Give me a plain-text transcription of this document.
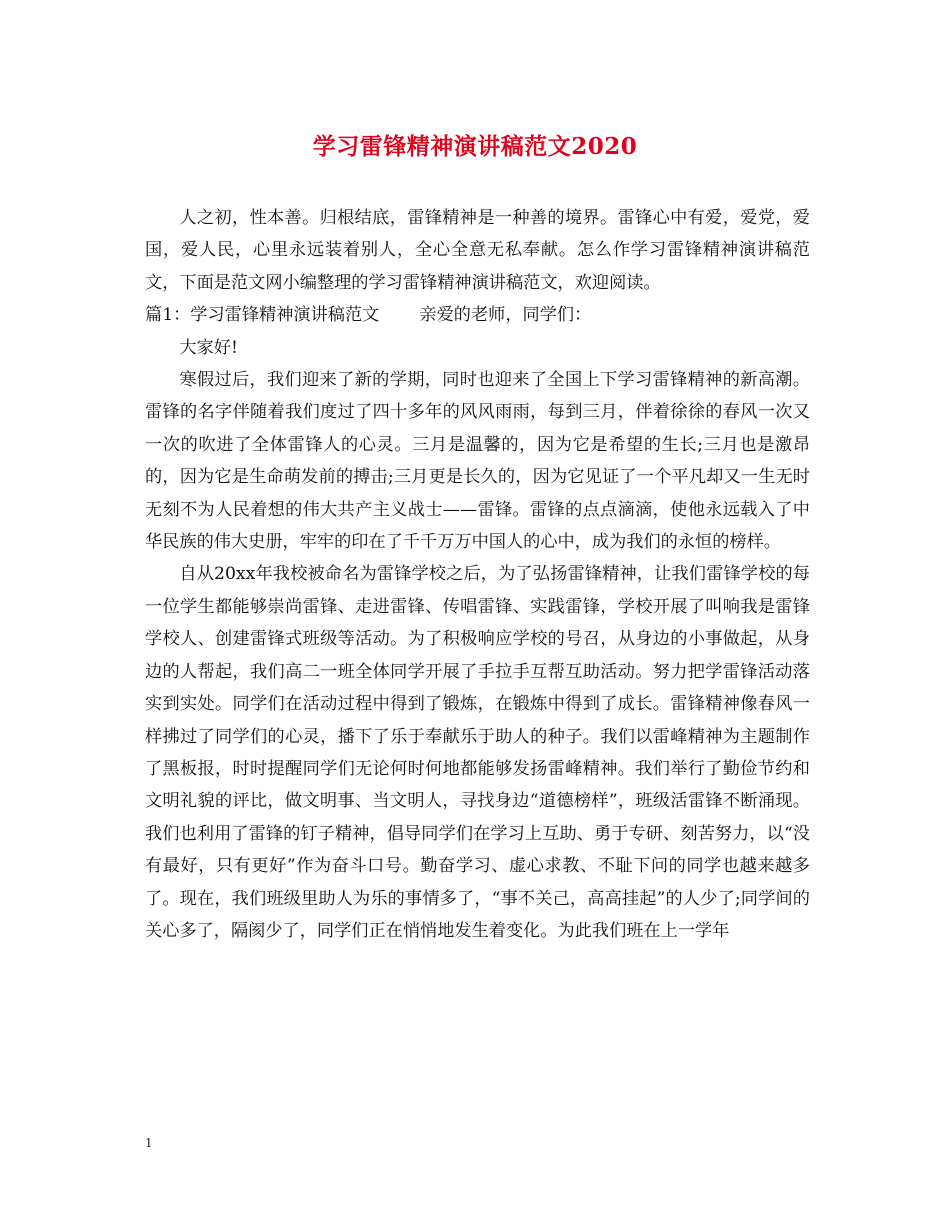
学习雷锋精神演讲稿范文2020

人之初，性本善。归根结底，雷锋精神是一种善的境界。雷锋心中有爱，爱党，爱国，爱人民，心里永远装着别人，全心全意无私奉献。怎么作学习雷锋精神演讲稿范文，下面是范文网小编整理的学习雷锋精神演讲稿范文，欢迎阅读。

篇1：学习雷锋精神演讲稿范文 亲爱的老师，同学们：

大家好!

寒假过后，我们迎来了新的学期，同时也迎来了全国上下学习雷锋精神的新高潮。雷锋的名字伴随着我们度过了四十多年的风风雨雨，每到三月，伴着徐徐的春风一次又一次的吹进了全体雷锋人的心灵。三月是温馨的，因为它是希望的生长;三月也是激昂的，因为它是生命萌发前的搏击;三月更是长久的，因为它见证了一个平凡却又一生无时无刻不为人民着想的伟大共产主义战士——雷锋。雷锋的点点滴滴，使他永远载入了中华民族的伟大史册，牢牢的印在了千千万万中国人的心中，成为我们的永恒的榜样。

自从20xx年我校被命名为雷锋学校之后，为了弘扬雷锋精神，让我们雷锋学校的每一位学生都能够崇尚雷锋、走进雷锋、传唱雷锋、实践雷锋，学校开展了叫响我是雷锋学校人、创建雷锋式班级等活动。为了积极响应学校的号召，从身边的小事做起，从身边的人帮起，我们高二一班全体同学开展了手拉手互帮互助活动。努力把学雷锋活动落实到实处。同学们在活动过程中得到了锻炼，在锻炼中得到了成长。雷锋精神像春风一样拂过了同学们的心灵，播下了乐于奉献乐于助人的种子。我们以雷峰精神为主题制作了黑板报，时时提醒同学们无论何时何地都能够发扬雷峰精神。我们举行了勤俭节约和文明礼貌的评比，做文明事、当文明人，寻找身边“道德榜样”，班级活雷锋不断涌现。我们也利用了雷锋的钉子精神，倡导同学们在学习上互助、勇于专研、刻苦努力，以“没有最好，只有更好”作为奋斗口号。勤奋学习、虚心求教、不耻下问的同学也越来越多了。现在，我们班级里助人为乐的事情多了，“事不关己，高高挂起”的人少了;同学间的关心多了，隔阂少了，同学们正在悄悄地发生着变化。为此我们班在上一学年

1
